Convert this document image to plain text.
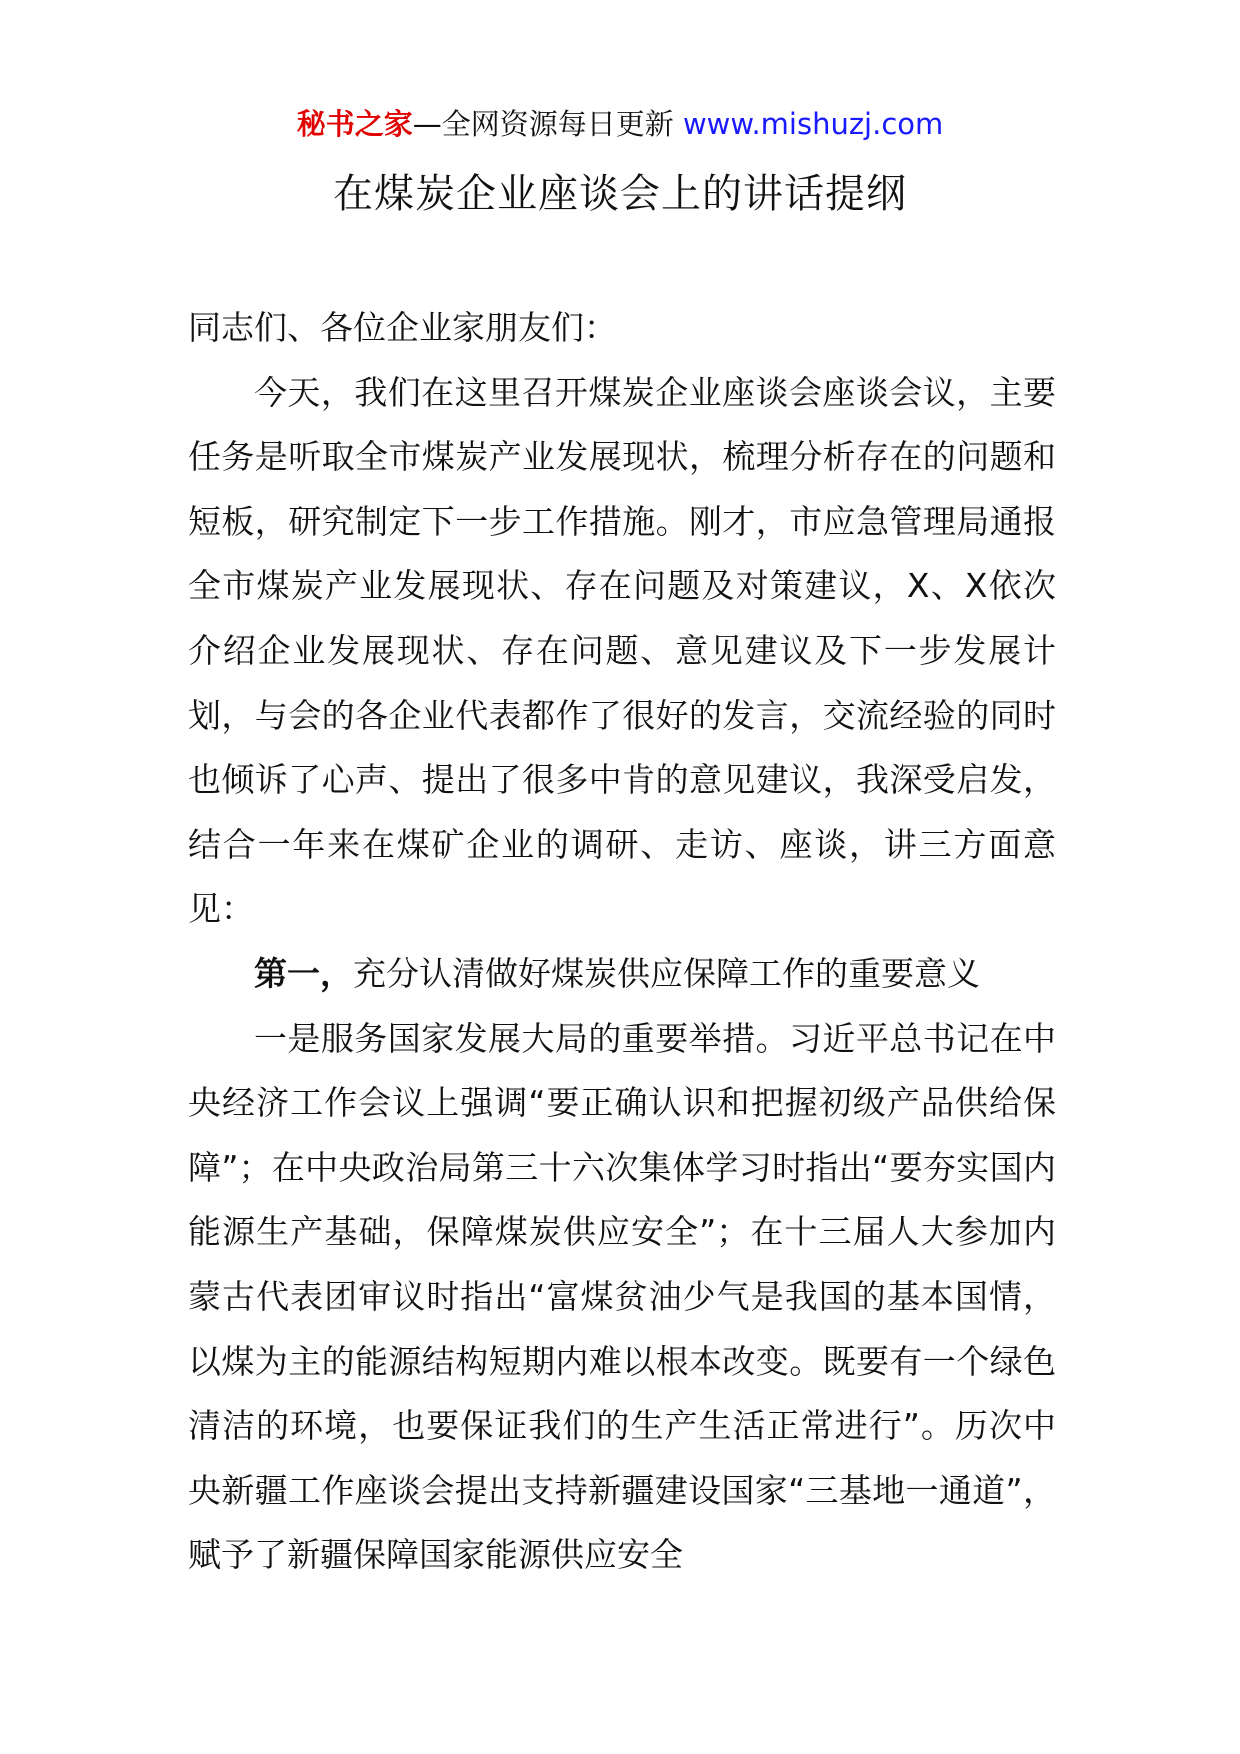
秘书之家—全网资源每日更新 www.mishuzj.com
在煤炭企业座谈会上的讲话提纲

同志们、各位企业家朋友们：

今天，我们在这里召开煤炭企业座谈会座谈会议，主要任务是听取全市煤炭产业发展现状，梳理分析存在的问题和短板，研究制定下一步工作措施。刚才，市应急管理局通报全市煤炭产业发展现状、存在问题及对策建议，X、X依次介绍企业发展现状、存在问题、意见建议及下一步发展计划，与会的各企业代表都作了很好的发言，交流经验的同时也倾诉了心声、提出了很多中肯的意见建议，我深受启发，结合一年来在煤矿企业的调研、走访、座谈，讲三方面意见：

第一，充分认清做好煤炭供应保障工作的重要意义

一是服务国家发展大局的重要举措。习近平总书记在中央经济工作会议上强调“要正确认识和把握初级产品供给保障”；在中央政治局第三十六次集体学习时指出“要夯实国内能源生产基础，保障煤炭供应安全”；在十三届人大参加内蒙古代表团审议时指出“富煤贫油少气是我国的基本国情，以煤为主的能源结构短期内难以根本改变。既要有一个绿色清洁的环境，也要保证我们的生产生活正常进行”。历次中央新疆工作座谈会提出支持新疆建设国家“三基地一通道”，赋予了新疆保障国家能源供应安全
